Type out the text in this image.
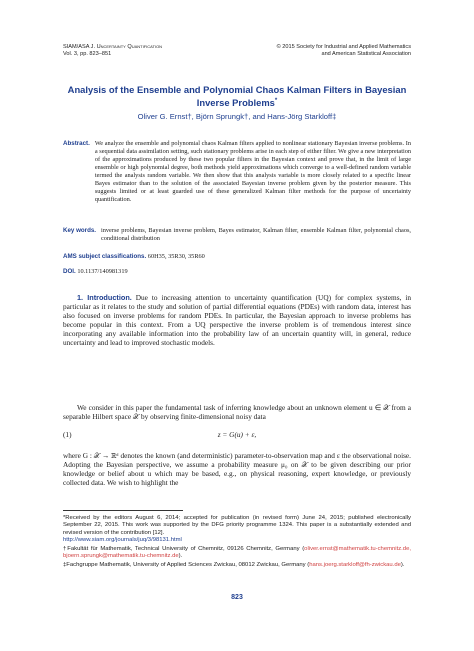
SIAM/ASA J. Uncertainty Quantification
Vol. 3, pp. 823–851
© 2015 Society for Industrial and Applied Mathematics
and American Statistical Association
Analysis of the Ensemble and Polynomial Chaos Kalman Filters in Bayesian
Inverse Problems*
Oliver G. Ernst†, Björn Sprungk†, and Hans-Jörg Starkloff‡
Abstract. We analyze the ensemble and polynomial chaos Kalman filters applied to nonlinear stationary Bayesian inverse problems. In a sequential data assimilation setting, such stationary problems arise in each step of either filter. We give a new interpretation of the approximations produced by these two popular filters in the Bayesian context and prove that, in the limit of large ensemble or high polynomial degree, both methods yield approximations which converge to a well-defined random variable termed the analysis random variable. We then show that this analysis variable is more closely related to a specific linear Bayes estimator than to the solution of the associated Bayesian inverse problem given by the posterior measure. This suggests limited or at least guarded use of these generalized Kalman filter methods for the purpose of uncertainty quantification.
Key words. inverse problems, Bayesian inverse problem, Bayes estimator, Kalman filter, ensemble Kalman filter, polynomial chaos, conditional distribution
AMS subject classifications. 60H35, 35R30, 35R60
DOI. 10.1137/140981319
1. Introduction. Due to increasing attention to uncertainty quantification (UQ) for complex systems, in particular as it relates to the study and solution of partial differential equations (PDEs) with random data, interest has also focused on inverse problems for random PDEs. In particular, the Bayesian approach to inverse problems has become popular in this context. From a UQ perspective the inverse problem is of tremendous interest since incorporating any available information into the probability law of an uncertain quantity will, in general, reduce uncertainty and lead to improved stochastic models.
We consider in this paper the fundamental task of inferring knowledge about an unknown element u ∈ 𝒳 from a separable Hilbert space 𝒳 by observing finite-dimensional noisy data
(1)	z = G(u) + ε,
where G : 𝒳 → ℝᵈ denotes the known (and deterministic) parameter-to-observation map and ε the observational noise. Adopting the Bayesian perspective, we assume a probability measure μ₀ on 𝒳 to be given describing our prior knowledge or belief about u which may be based, e.g., on physical reasoning, expert knowledge, or previously collected data. We wish to highlight the
*Received by the editors August 6, 2014; accepted for publication (in revised form) June 24, 2015; published electronically September 22, 2015. This work was supported by the DFG priority programme 1324. This paper is a substantially extended and revised version of the contribution [12].
http://www.siam.org/journals/juq/3/98131.html
†Fakultät für Mathematik, Technical University of Chemnitz, 09126 Chemnitz, Germany (oliver.ernst@mathematik.tu-chemnitz.de, bjoern.sprungk@mathematik.tu-chemnitz.de).
‡Fachgruppe Mathematik, University of Applied Sciences Zwickau, 08012 Zwickau, Germany (hans.joerg.starkloff@fh-zwickau.de).
823
